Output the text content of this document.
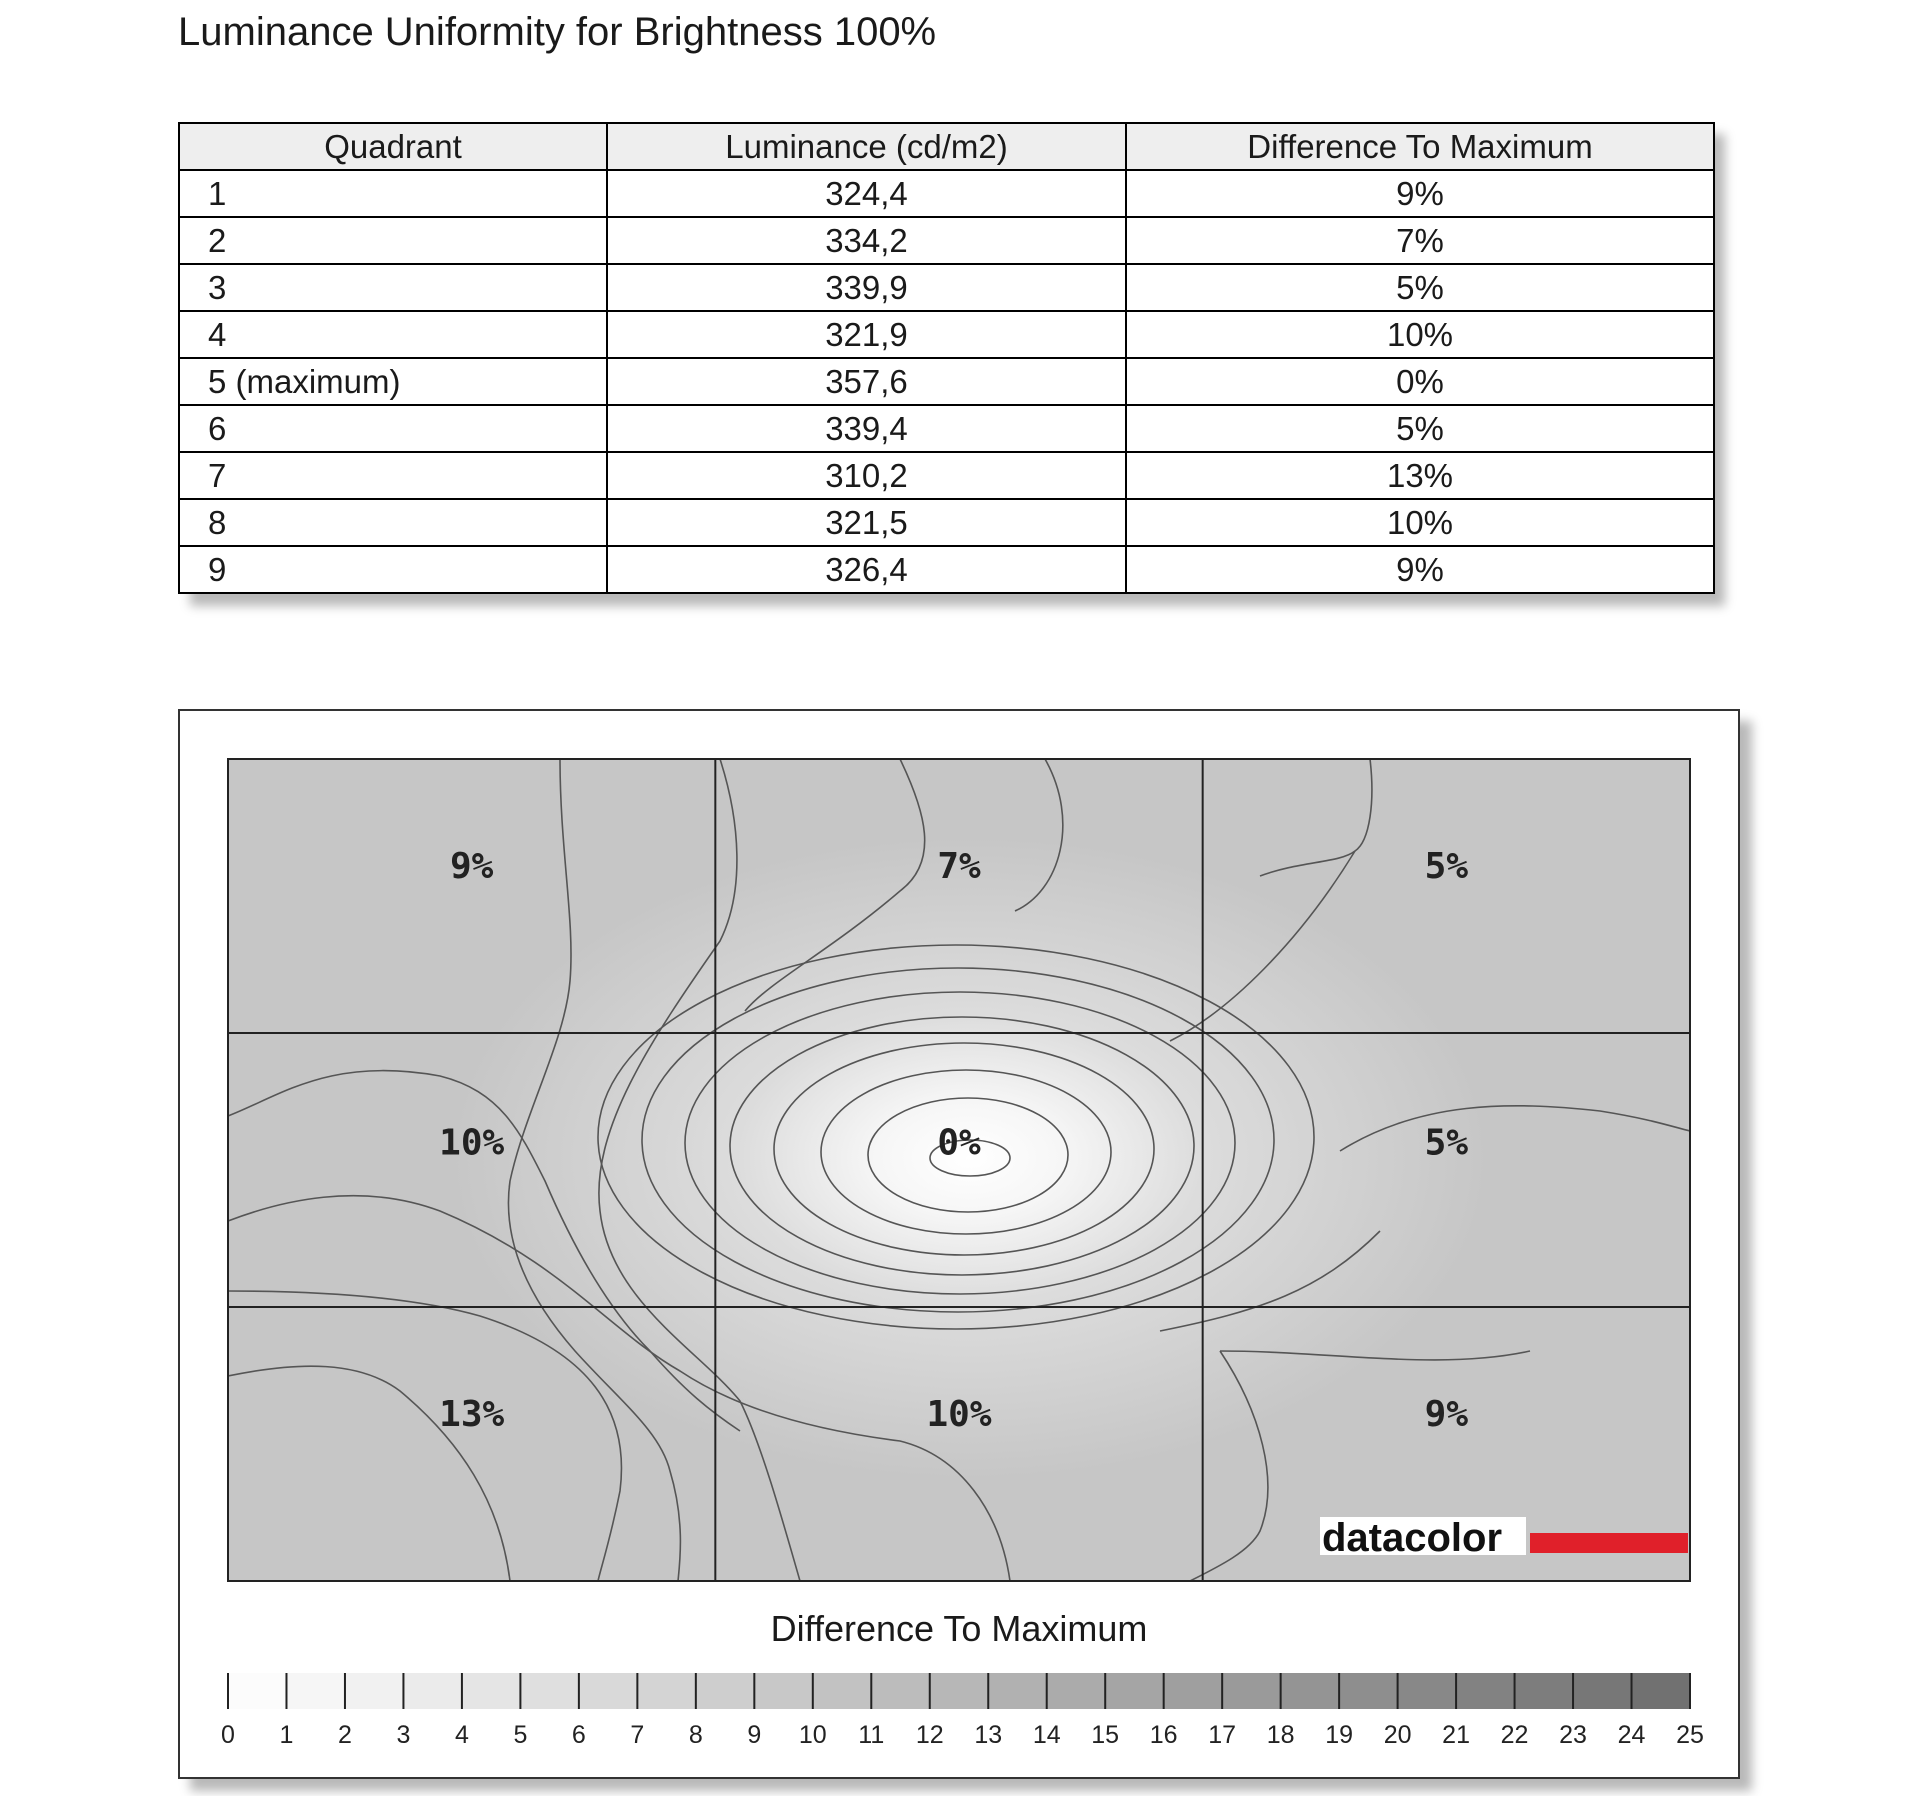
Luminance Uniformity for Brightness 100%
Quadrant	Luminance (cd/m2)	Difference To Maximum
1	324,4	9%
2	334,2	7%
3	339,9	5%
4	321,9	10%
5 (maximum)	357,6	0%
6	339,4	5%
7	310,2	13%
8	321,5	10%
9	326,4	9%
9%	7%	5%
10%	0%	5%
13%	10%	9%
datacolor
Difference To Maximum
0 1 2 3 4 5 6 7 8 9 10 11 12 13 14 15 16 17 18 19 20 21 22 23 24 25
